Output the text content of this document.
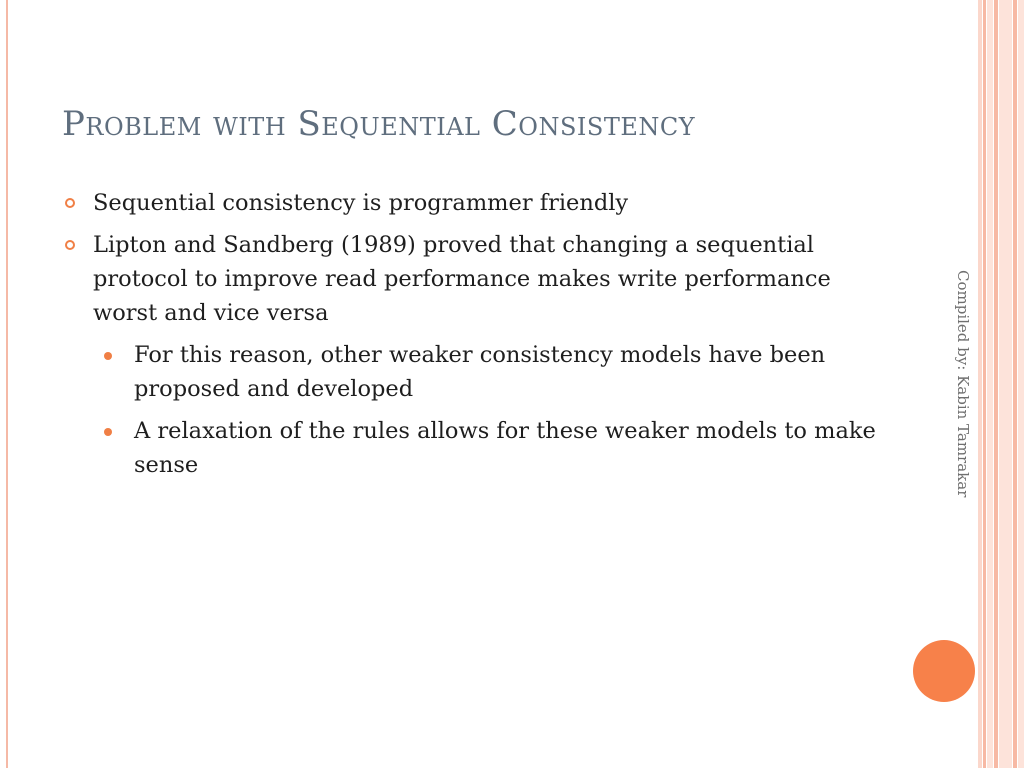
Problem with Sequential Consistency
Sequential consistency is programmer friendly
Lipton and Sandberg (1989) proved that changing a sequential protocol to improve read performance makes write performance worst and vice versa
For this reason, other weaker consistency models have been proposed and developed
A relaxation of the rules allows for these weaker models to make sense	Compiled by: Kabin Tamrakar
